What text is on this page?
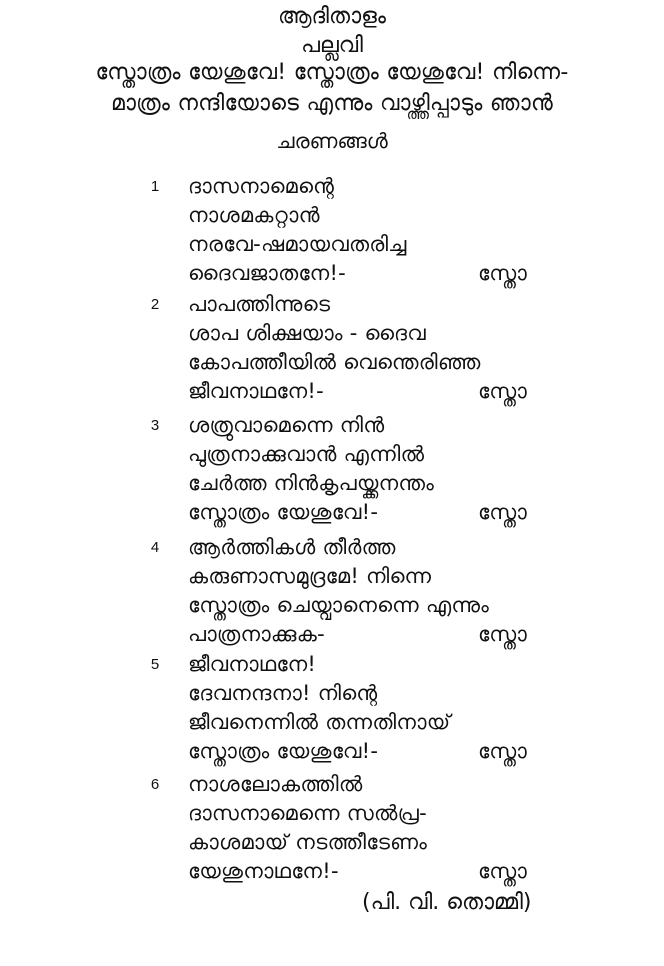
ആദിതാളം
പല്ലവി
സ്തോത്രം യേശുവേ! സ്തോത്രം യേശുവേ! നിന്നെ-
മാത്രം നന്ദിയോടെ എന്നും വാഴ്ത്തിപ്പാടും ഞാൻ
ചരണങ്ങൾ
1	ദാസനാമെന്റെ
നാശമകറ്റാൻ
നരവേ-ഷമായവതരിച്ച
ദൈവജാതനേ!-	സ്തോ
2	പാപത്തിന്നുടെ
ശാപ ശിക്ഷയാം - ദൈവ
കോപത്തീയിൽ വെന്തെരിഞ്ഞ
ജീവനാഥനേ!-	സ്തോ
3	ശത്രുവാമെന്നെ നിൻ
പുത്രനാക്കുവാൻ എന്നിൽ
ചേർത്ത നിൻകൃപയ്ക്കനന്തം
സ്തോത്രം യേശുവേ!-	സ്തോ
4	ആർത്തികൾ തീർത്ത
കരുണാസമുദ്രമേ! നിന്നെ
സ്തോത്രം ചെയ്വാനെന്നെ എന്നും
പാത്രനാക്കുക-	സ്തോ
5	ജീവനാഥനേ!
ദേവനന്ദനാ! നിന്റെ
ജീവനെന്നിൽ തന്നതിനായ്
സ്തോത്രം യേശുവേ!-	സ്തോ
6	നാശലോകത്തിൽ
ദാസനാമെന്നെ സൽപ്ര-
കാശമായ് നടത്തീടേണം
യേശുനാഥനേ!-	സ്തോ
(പി. വി. തൊമ്മി)
